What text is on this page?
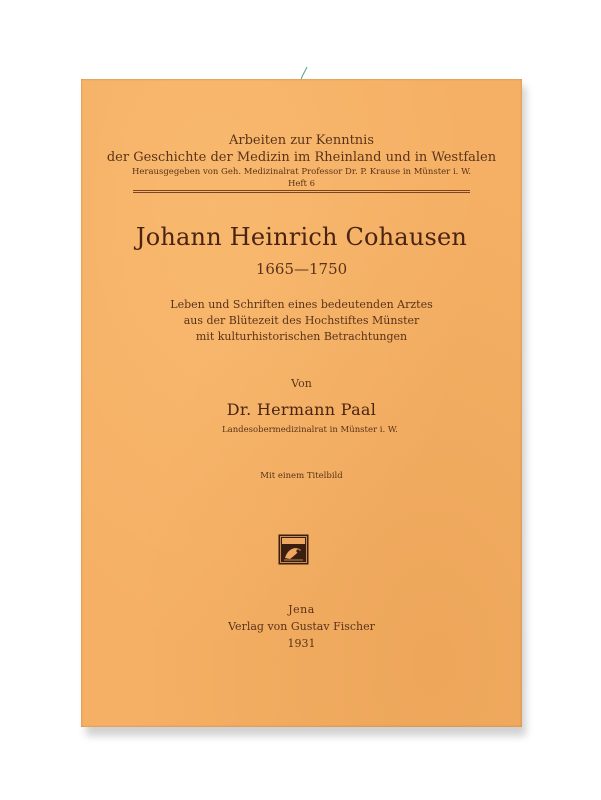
Arbeiten zur Kenntnis
der Geschichte der Medizin im Rheinland und in Westfalen
Herausgegeben von Geh. Medizinalrat Professor Dr. P. Krause in Münster i. W.
Heft 6
Johann Heinrich Cohausen
1665—1750
Leben und Schriften eines bedeutenden Arztes
aus der Blütezeit des Hochstiftes Münster
mit kulturhistorischen Betrachtungen
Von
Dr. Hermann Paal
Landesobermedizinalrat in Münster i. W.
Mit einem Titelbild
Jena
Verlag von Gustav Fischer
1931
